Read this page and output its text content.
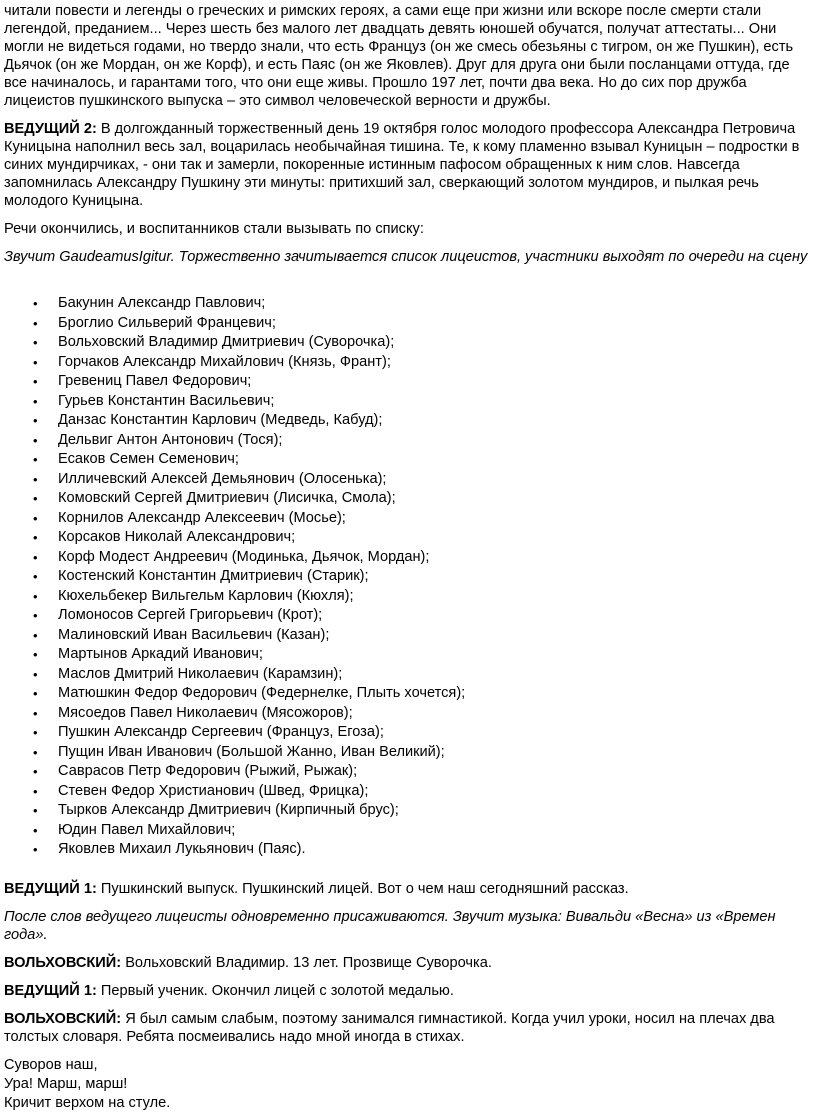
читали повести и легенды о греческих и римских героях, а сами еще при жизни или вскоре после смерти стали легендой, преданием... Через шесть без малого лет двадцать девять юношей обучатся, получат аттестаты... Они могли не видеться годами, но твердо знали, что есть Француз (он же смесь обезьяны с тигром, он же Пушкин), есть Дьячок (он же Мордан, он же Корф), и есть Паяс (он же Яковлев). Друг для друга они были посланцами оттуда, где все начиналось, и гарантами того, что они еще живы. Прошло 197 лет, почти два века. Но до сих пор дружба лицеистов пушкинского выпуска – это символ человеческой верности и дружбы.

ВЕДУЩИЙ 2: В долгожданный торжественный день 19 октября голос молодого профессора Александра Петровича Куницына наполнил весь зал, воцарилась необычайная тишина. Те, к кому пламенно взывал Куницын – подростки в синих мундирчиках, - они так и замерли, покоренные истинным пафосом обращенных к ним слов. Навсегда запомнилась Александру Пушкину эти минуты: притихший зал, сверкающий золотом мундиров, и пылкая речь молодого Куницына.

Речи окончились, и воспитанников стали вызывать по списку:

Звучит GaudeamusIgitur. Торжественно зачитывается список лицеистов, участники выходят по очереди на сцену

• Бакунин Александр Павлович;
• Броглио Сильверий Францевич;
• Вольховский Владимир Дмитриевич (Суворочка);
• Горчаков Александр Михайлович (Князь, Франт);
• Гревениц Павел Федорович;
• Гурьев Константин Васильевич;
• Данзас Константин Карлович (Медведь, Кабуд);
• Дельвиг Антон Антонович (Тося);
• Есаков Семен Семенович;
• Илличевский Алексей Демьянович (Олосенька);
• Комовский Сергей Дмитриевич (Лисичка, Смола);
• Корнилов Александр Алексеевич (Мосье);
• Корсаков Николай Александрович;
• Корф Модест Андреевич (Модинька, Дьячок, Мордан);
• Костенский Константин Дмитриевич (Старик);
• Кюхельбекер Вильгельм Карлович (Кюхля);
• Ломоносов Сергей Григорьевич (Крот);
• Малиновский Иван Васильевич (Казан);
• Мартынов Аркадий Иванович;
• Маслов Дмитрий Николаевич (Карамзин);
• Матюшкин Федор Федорович (Федернелке, Плыть хочется);
• Мясоедов Павел Николаевич (Мясожоров);
• Пушкин Александр Сергеевич (Француз, Егоза);
• Пущин Иван Иванович (Большой Жанно, Иван Великий);
• Саврасов Петр Федорович (Рыжий, Рыжак);
• Стевен Федор Христианович (Швед, Фрицка);
• Тырков Александр Дмитриевич (Кирпичный брус);
• Юдин Павел Михайлович;
• Яковлев Михаил Лукьянович (Паяс).

ВЕДУЩИЙ 1: Пушкинский выпуск. Пушкинский лицей. Вот о чем наш сегодняшний рассказ.

После слов ведущего лицеисты одновременно присаживаются. Звучит музыка: Вивальди «Весна» из «Времен года».

ВОЛЬХОВСКИЙ: Вольховский Владимир. 13 лет. Прозвище Суворочка.

ВЕДУЩИЙ 1: Первый ученик. Окончил лицей с золотой медалью.

ВОЛЬХОВСКИЙ: Я был самым слабым, поэтому занимался гимнастикой. Когда учил уроки, носил на плечах два толстых словаря. Ребята посмеивались надо мной иногда в стихах.

Суворов наш,

Ура! Марш, марш!

Кричит верхом на стуле.
